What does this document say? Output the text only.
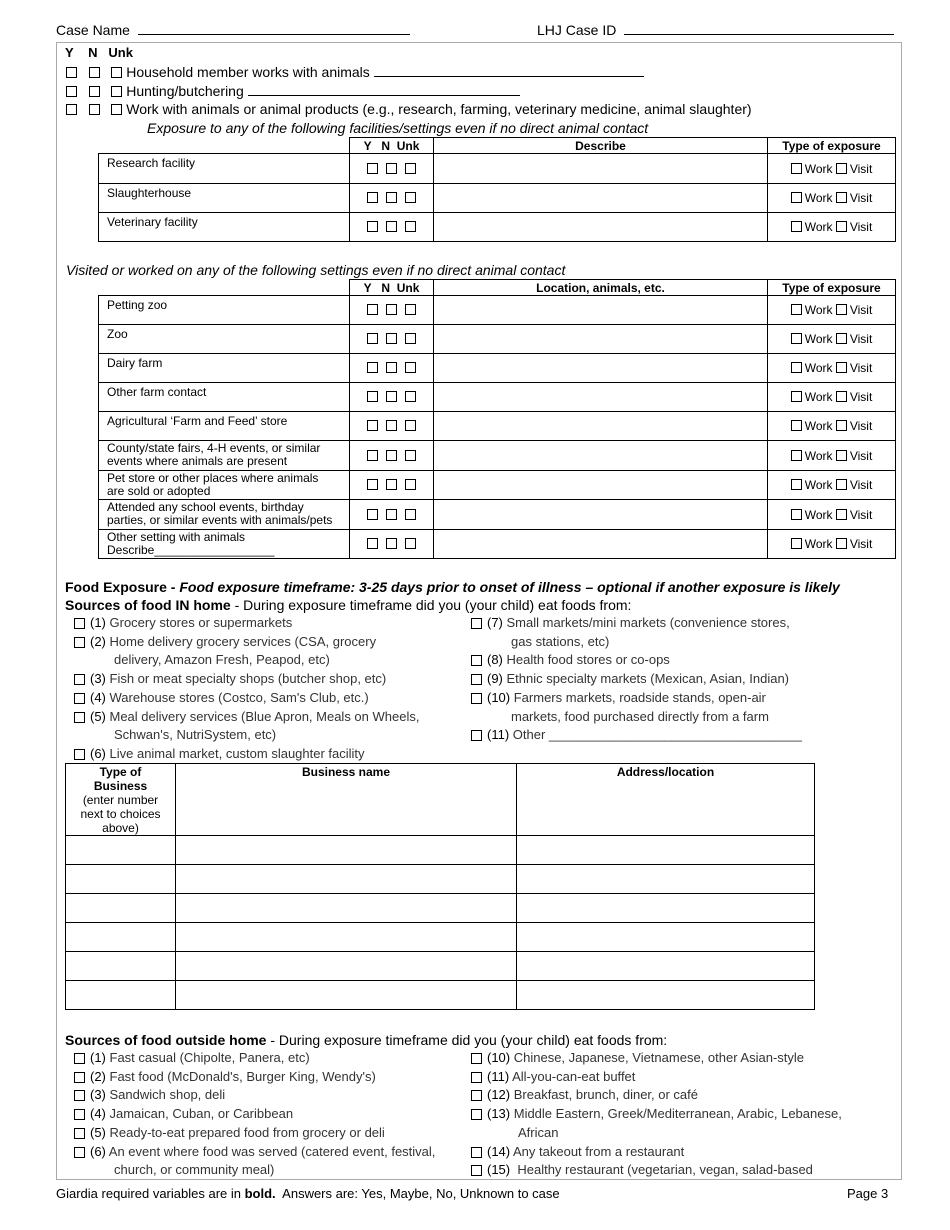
Case Name	LHJ Case ID
Y N Unk
Household member works with animals
Hunting/butchering
Work with animals or animal products (e.g., research, farming, veterinary medicine, animal slaughter)
Exposure to any of the following facilities/settings even if no direct animal contact
	Y   N  Unk	Describe	Type of exposure
Research facility			Work Visit
Slaughterhouse			Work Visit
Veterinary facility			Work Visit
Visited or worked on any of the following settings even if no direct animal contact
	Y   N  Unk	Location, animals, etc.	Type of exposure
Petting zoo			Work Visit
Zoo			Work Visit
Dairy farm			Work Visit
Other farm contact			Work Visit
Agricultural ‘Farm and Feed’ store			Work Visit
County/state fairs, 4-H events, or similar
events where animals are present			Work Visit
Pet store or other places where animals
are sold or adopted			Work Visit
Attended any school events, birthday
parties, or similar events with animals/pets			Work Visit
Other setting with animals
Describe__________________			Work Visit
Food Exposure - Food exposure timeframe: 3-25 days prior to onset of illness – optional if another exposure is likely
Sources of food IN home - During exposure timeframe did you (your child) eat foods from:
(1) Grocery stores or supermarkets
(2) Home delivery grocery services (CSA, grocery
delivery, Amazon Fresh, Peapod, etc)
(3) Fish or meat specialty shops (butcher shop, etc)
(4) Warehouse stores (Costco, Sam's Club, etc.)
(5) Meal delivery services (Blue Apron, Meals on Wheels,
Schwan's, NutriSystem, etc)
(6) Live animal market, custom slaughter facility
(7) Small markets/mini markets (convenience stores,
gas stations, etc)
(8) Health food stores or co-ops
(9) Ethnic specialty markets (Mexican, Asian, Indian)
(10) Farmers markets, roadside stands, open-air
markets, food purchased directly from a farm
(11) Other ___________________________________
Type of
Business
(enter number
next to choices
above)	Business name	Address/location

Sources of food outside home - During exposure timeframe did you (your child) eat foods from:
(1) Fast casual (Chipolte, Panera, etc)
(2) Fast food (McDonald's, Burger King, Wendy's)
(3) Sandwich shop, deli
(4) Jamaican, Cuban, or Caribbean
(5) Ready-to-eat prepared food from grocery or deli
(6) An event where food was served (catered event, festival,
church, or community meal)
(10) Chinese, Japanese, Vietnamese, other Asian-style
(11) All-you-can-eat buffet
(12) Breakfast, brunch, diner, or café
(13) Middle Eastern, Greek/Mediterranean, Arabic, Lebanese,
African
(14) Any takeout from a restaurant
(15)  Healthy restaurant (vegetarian, vegan, salad-based
Giardia required variables are in bold.  Answers are: Yes, Maybe, No, Unknown to case	Page 3
